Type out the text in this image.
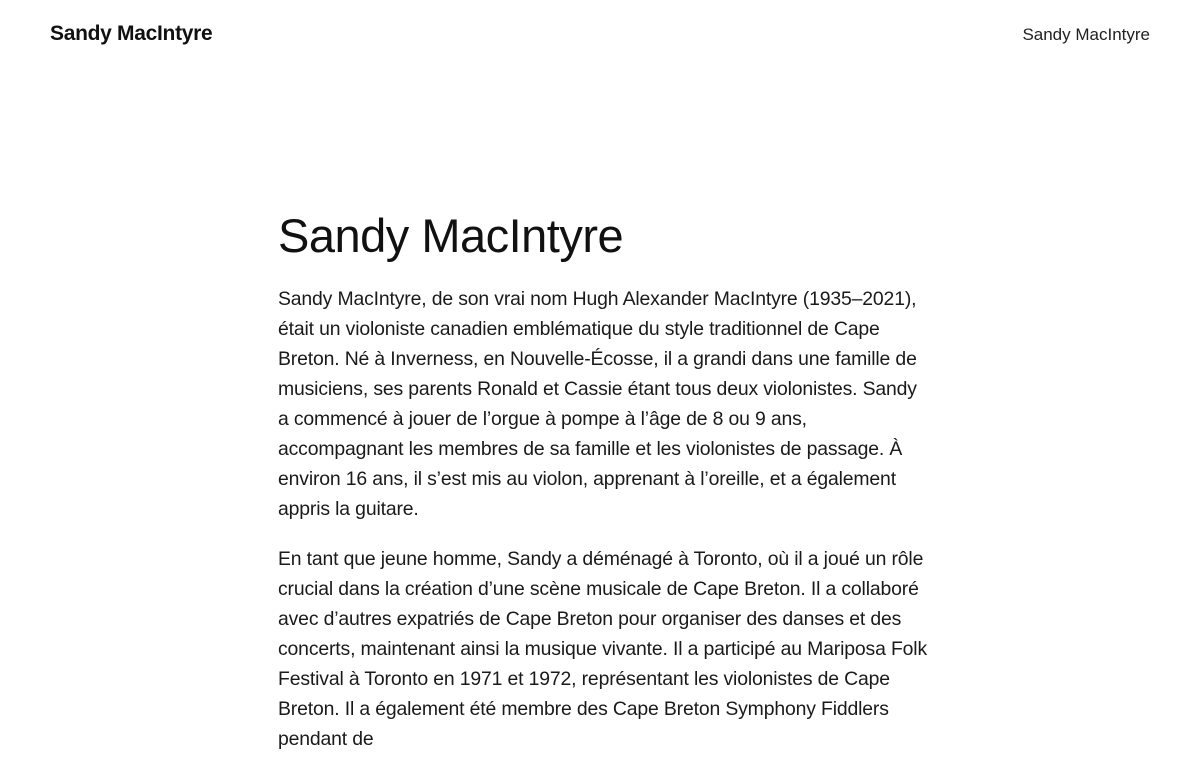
Sandy MacIntyre	Sandy MacIntyre
Sandy MacIntyre

Sandy MacIntyre, de son vrai nom Hugh Alexander MacIntyre (1935–2021), était un violoniste canadien emblématique du style traditionnel de Cape Breton. Né à Inverness, en Nouvelle-Écosse, il a grandi dans une famille de musiciens, ses parents Ronald et Cassie étant tous deux violonistes. Sandy a commencé à jouer de l’orgue à pompe à l’âge de 8 ou 9 ans, accompagnant les membres de sa famille et les violonistes de passage. À environ 16 ans, il s’est mis au violon, apprenant à l’oreille, et a également appris la guitare.

En tant que jeune homme, Sandy a déménagé à Toronto, où il a joué un rôle crucial dans la création d’une scène musicale de Cape Breton. Il a collaboré avec d’autres expatriés de Cape Breton pour organiser des danses et des concerts, maintenant ainsi la musique vivante. Il a participé au Mariposa Folk Festival à Toronto en 1971 et 1972, représentant les violonistes de Cape Breton. Il a également été membre des Cape Breton Symphony Fiddlers pendant de
